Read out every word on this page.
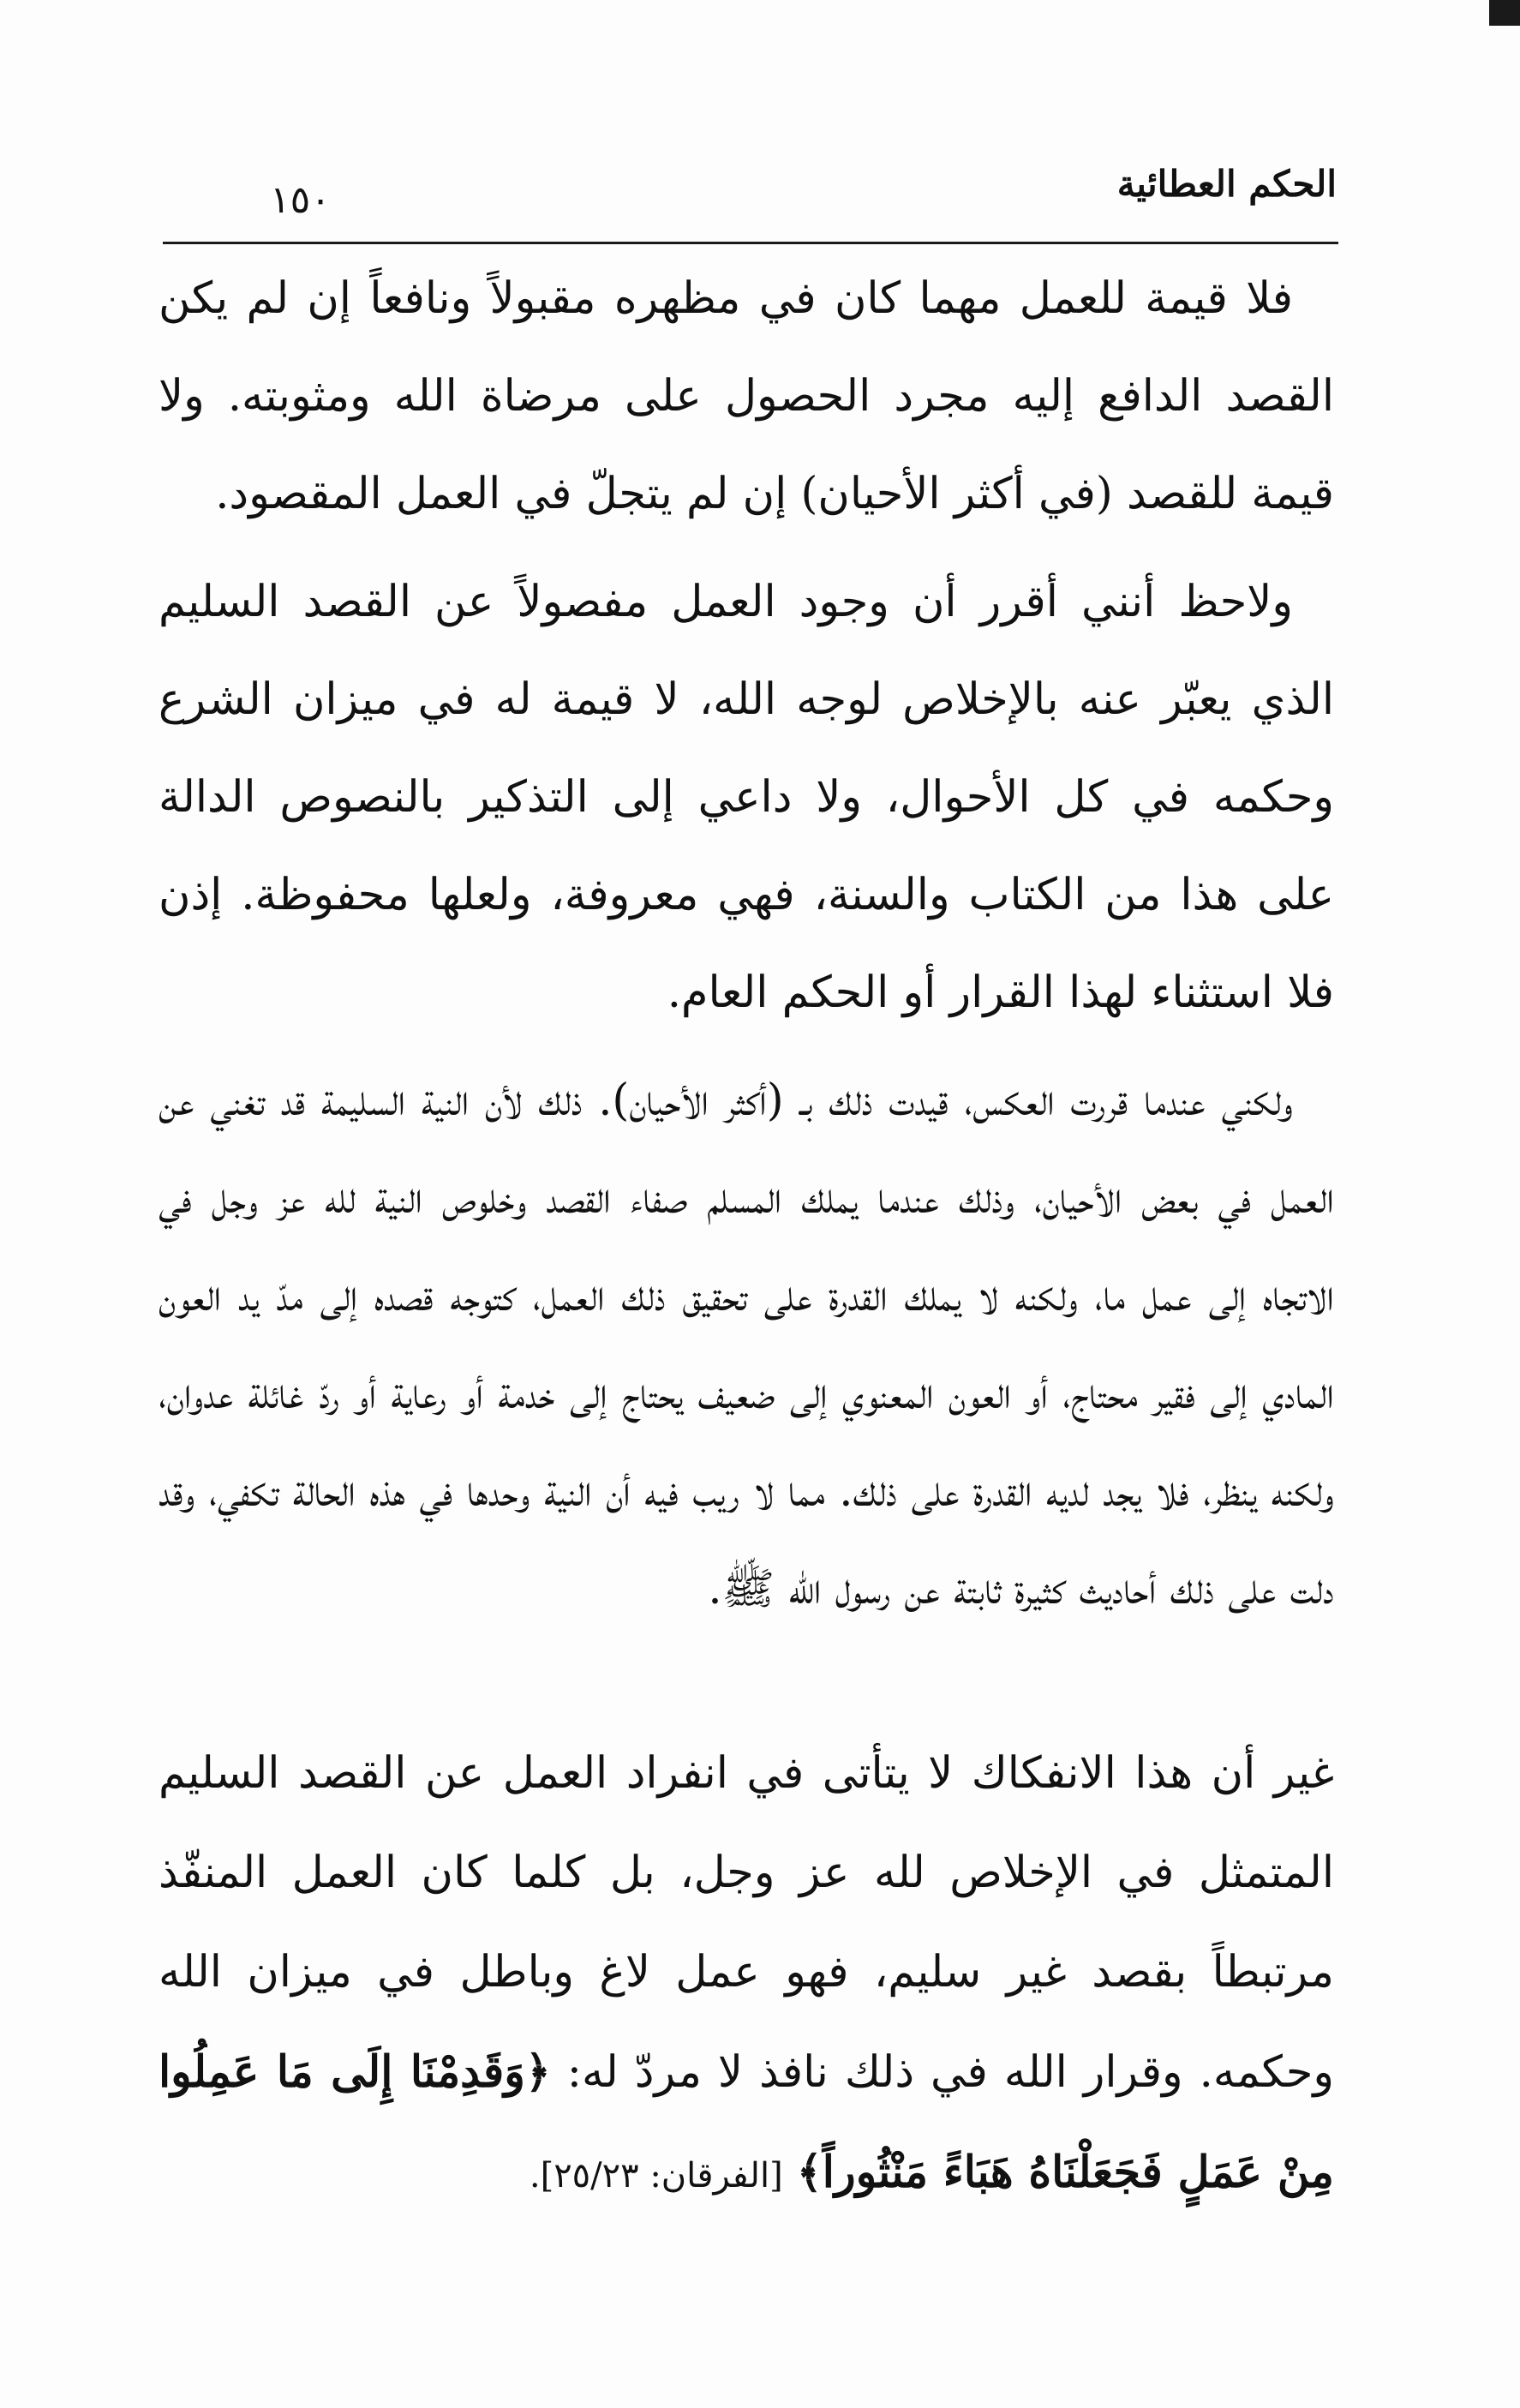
الحكم العطائية
١٥٠

فلا قيمة للعمل مهما كان في مظهره مقبولاً ونافعاً إن لم يكن القصد الدافع إليه مجرد الحصول على مرضاة الله ومثوبته. ولا قيمة للقصد (في أكثر الأحيان) إن لم يتجلّ في العمل المقصود.

ولاحظ أنني أقرر أن وجود العمل مفصولاً عن القصد السليم الذي يعبّر عنه بالإخلاص لوجه الله، لا قيمة له في ميزان الشرع وحكمه في كل الأحوال، ولا داعي إلى التذكير بالنصوص الدالة على هذا من الكتاب والسنة، فهي معروفة، ولعلها محفوظة. إذن فلا استثناء لهذا القرار أو الحكم العام.

ولكني عندما قررت العكس، قيدت ذلك بـ (أكثر الأحيان). ذلك لأن النية السليمة قد تغني عن العمل في بعض الأحيان، وذلك عندما يملك المسلم صفاء القصد وخلوص النية لله عز وجل في الاتجاه إلى عمل ما، ولكنه لا يملك القدرة على تحقيق ذلك العمل، كتوجه قصده إلى مدّ يد العون المادي إلى فقير محتاج، أو العون المعنوي إلى ضعيف يحتاج إلى خدمة أو رعاية أو ردّ غائلة عدوان، ولكنه ينظر، فلا يجد لديه القدرة على ذلك. مما لا ريب فيه أن النية وحدها في هذه الحالة تكفي، وقد دلت على ذلك أحاديث كثيرة ثابتة عن رسول الله ﷺ.

غير أن هذا الانفكاك لا يتأتى في انفراد العمل عن القصد السليم المتمثل في الإخلاص لله عز وجل، بل كلما كان العمل المنفّذ مرتبطاً بقصد غير سليم، فهو عمل لاغ وباطل في ميزان الله وحكمه. وقرار الله في ذلك نافذ لا مردّ له: ﴿وَقَدِمْنَا إِلَى مَا عَمِلُوا مِنْ عَمَلٍ فَجَعَلْنَاهُ هَبَاءً مَنْثُوراً﴾ [الفرقان: ٢٥/٢٣].
